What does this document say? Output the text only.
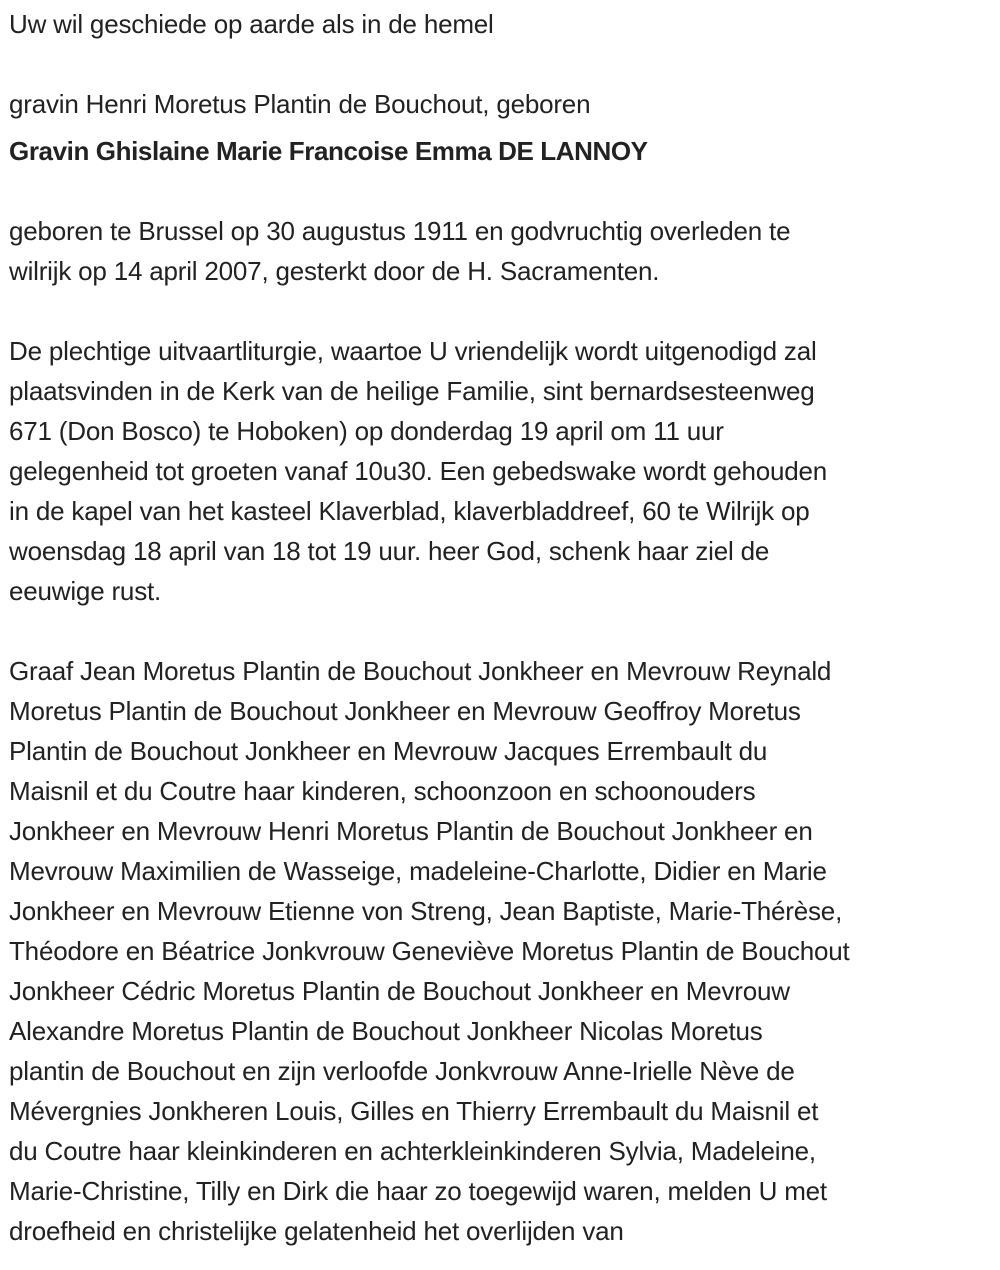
Uw wil geschiede op aarde als in de hemel
gravin Henri Moretus Plantin de Bouchout, geboren
Gravin Ghislaine Marie Francoise Emma DE LANNOY
geboren te Brussel op 30 augustus 1911 en godvruchtig overleden te
wilrijk op 14 april 2007, gesterkt door de H. Sacramenten.
De plechtige uitvaartliturgie, waartoe U vriendelijk wordt uitgenodigd zal
plaatsvinden in de Kerk van de heilige Familie, sint bernardsesteenweg
671 (Don Bosco) te Hoboken) op donderdag 19 april om 11 uur
gelegenheid tot groeten vanaf 10u30. Een gebedswake wordt gehouden
in de kapel van het kasteel Klaverblad, klaverbladdreef, 60 te Wilrijk op
woensdag 18 april van 18 tot 19 uur. heer God, schenk haar ziel de
eeuwige rust.
Graaf Jean Moretus Plantin de Bouchout Jonkheer en Mevrouw Reynald
Moretus Plantin de Bouchout Jonkheer en Mevrouw Geoffroy Moretus
Plantin de Bouchout Jonkheer en Mevrouw Jacques Errembault du
Maisnil et du Coutre haar kinderen, schoonzoon en schoonouders
Jonkheer en Mevrouw Henri Moretus Plantin de Bouchout Jonkheer en
Mevrouw Maximilien de Wasseige, madeleine-Charlotte, Didier en Marie
Jonkheer en Mevrouw Etienne von Streng, Jean Baptiste, Marie-Thérèse,
Théodore en Béatrice Jonkvrouw Geneviève Moretus Plantin de Bouchout
Jonkheer Cédric Moretus Plantin de Bouchout Jonkheer en Mevrouw
Alexandre Moretus Plantin de Bouchout Jonkheer Nicolas Moretus
plantin de Bouchout en zijn verloofde Jonkvrouw Anne-Irielle Nève de
Mévergnies Jonkheren Louis, Gilles en Thierry Errembault du Maisnil et
du Coutre haar kleinkinderen en achterkleinkinderen Sylvia, Madeleine,
Marie-Christine, Tilly en Dirk die haar zo toegewijd waren, melden U met
droefheid en christelijke gelatenheid het overlijden van
